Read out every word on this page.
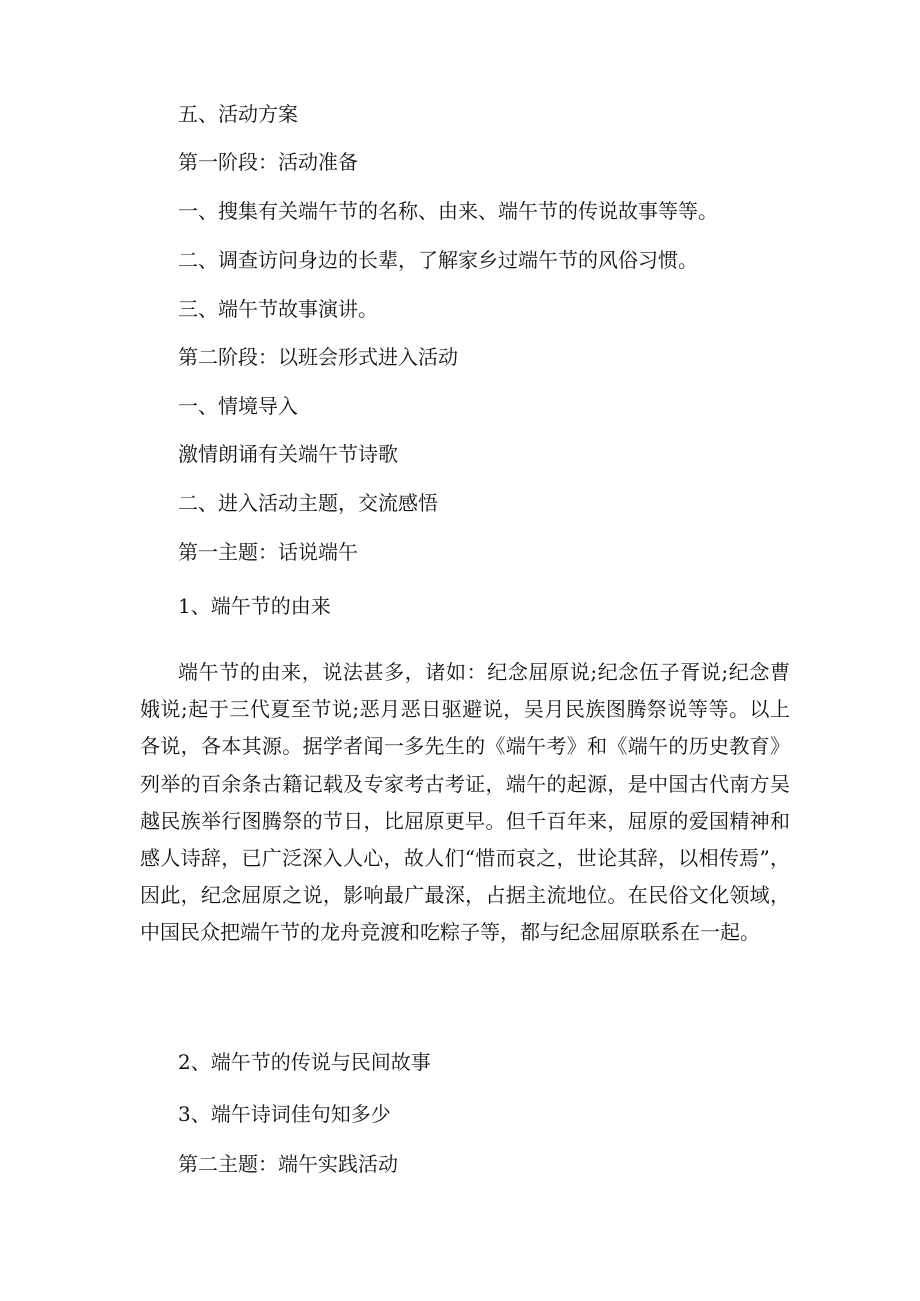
五、活动方案

第一阶段：活动准备

一、搜集有关端午节的名称、由来、端午节的传说故事等等。

二、调查访问身边的长辈，了解家乡过端午节的风俗习惯。

三、端午节故事演讲。

第二阶段：以班会形式进入活动

一、情境导入

激情朗诵有关端午节诗歌

二、进入活动主题，交流感悟

第一主题：话说端午

1、端午节的由来

端午节的由来，说法甚多，诸如：纪念屈原说;纪念伍子胥说;纪念曹娥说;起于三代夏至节说;恶月恶日驱避说，吴月民族图腾祭说等等。以上各说，各本其源。据学者闻一多先生的《端午考》和《端午的历史教育》列举的百余条古籍记载及专家考古考证，端午的起源，是中国古代南方吴越民族举行图腾祭的节日，比屈原更早。但千百年来，屈原的爱国精神和感人诗辞，已广泛深入人心，故人们“惜而哀之，世论其辞，以相传焉”，因此，纪念屈原之说，影响最广最深，占据主流地位。在民俗文化领域，中国民众把端午节的龙舟竞渡和吃粽子等，都与纪念屈原联系在一起。

2、端午节的传说与民间故事

3、端午诗词佳句知多少

第二主题：端午实践活动
